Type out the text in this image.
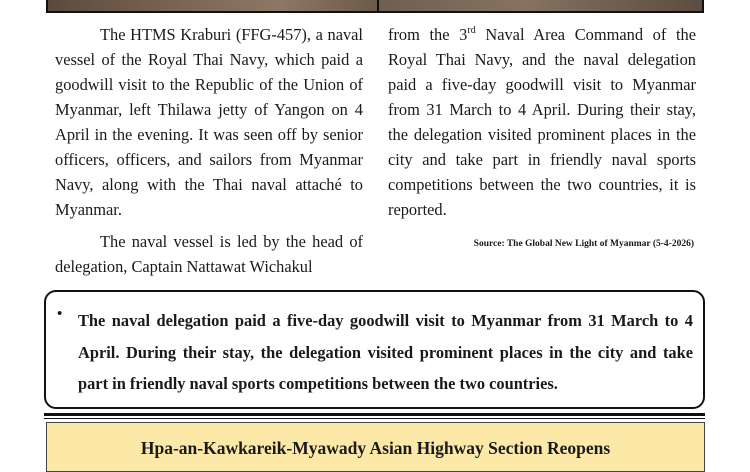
The HTMS Kraburi (FFG-457), a naval vessel of the Royal Thai Navy, which paid a goodwill visit to the Republic of the Union of Myanmar, left Thilawa jetty of Yangon on 4 April in the evening. It was seen off by senior officers, officers, and sailors from Myanmar Navy, along with the Thai naval attaché to Myanmar.

The naval vessel is led by the head of delegation, Captain Nattawat Wichakul

from the 3rd Naval Area Command of the Royal Thai Navy, and the naval delegation paid a five-day goodwill visit to Myanmar from 31 March to 4 April. During their stay, the delegation visited prominent places in the city and take part in friendly naval sports competitions between the two countries, it is reported.

Source: The Global New Light of Myanmar (5-4-2026)

• The naval delegation paid a five-day goodwill visit to Myanmar from 31 March to 4 April. During their stay, the delegation visited prominent places in the city and take part in friendly naval sports competitions between the two countries.

Hpa-an-Kawkareik-Myawady Asian Highway Section Reopens
